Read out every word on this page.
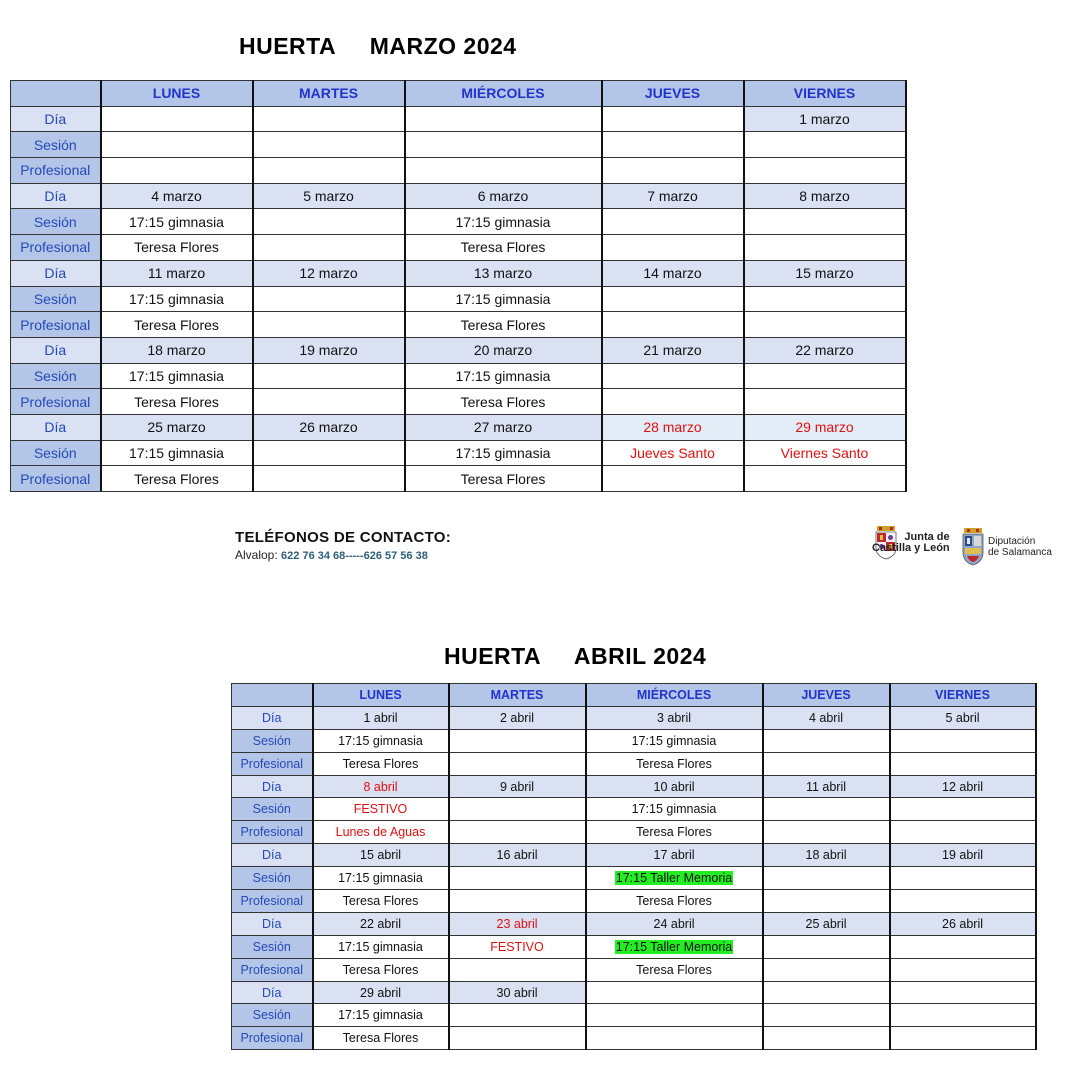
HUERTA     MARZO 2024
	LUNES	MARTES	MIÉRCOLES	JUEVES	VIERNES
Día					1 marzo
Sesión					
Profesional					
Día	4 marzo	5 marzo	6 marzo	7 marzo	8 marzo
Sesión	17:15 gimnasia		17:15 gimnasia		
Profesional	Teresa Flores		Teresa Flores		
Día	11 marzo	12 marzo	13 marzo	14 marzo	15 marzo
Sesión	17:15 gimnasia		17:15 gimnasia		
Profesional	Teresa Flores		Teresa Flores		
Día	18 marzo	19 marzo	20 marzo	21 marzo	22 marzo
Sesión	17:15 gimnasia		17:15 gimnasia		
Profesional	Teresa Flores		Teresa Flores		
Día	25 marzo	26 marzo	27 marzo	28 marzo	29 marzo
Sesión	17:15 gimnasia		17:15 gimnasia	Jueves Santo	Viernes Santo
Profesional	Teresa Flores		Teresa Flores		
TELÉFONOS DE CONTACTO:
Alvalop: 622 76 34 68-----626 57 56 38
Junta de
Castilla y León
Diputación
de Salamanca
HUERTA     ABRIL 2024
	LUNES	MARTES	MIÉRCOLES	JUEVES	VIERNES
Día	1 abril	2 abril	3 abril	4 abril	5 abril
Sesión	17:15 gimnasia		17:15 gimnasia		
Profesional	Teresa Flores		Teresa Flores		
Día	8 abril	9 abril	10 abril	11 abril	12 abril
Sesión	FESTIVO		17:15 gimnasia		
Profesional	Lunes de Aguas		Teresa Flores		
Día	15 abril	16 abril	17 abril	18 abril	19 abril
Sesión	17:15 gimnasia		17:15 Taller Memoria		
Profesional	Teresa Flores		Teresa Flores		
Día	22 abril	23 abril	24 abril	25 abril	26 abril
Sesión	17:15 gimnasia	FESTIVO	17:15 Taller Memoria		
Profesional	Teresa Flores		Teresa Flores		
Día	29 abril	30 abril			
Sesión	17:15 gimnasia				
Profesional	Teresa Flores				
